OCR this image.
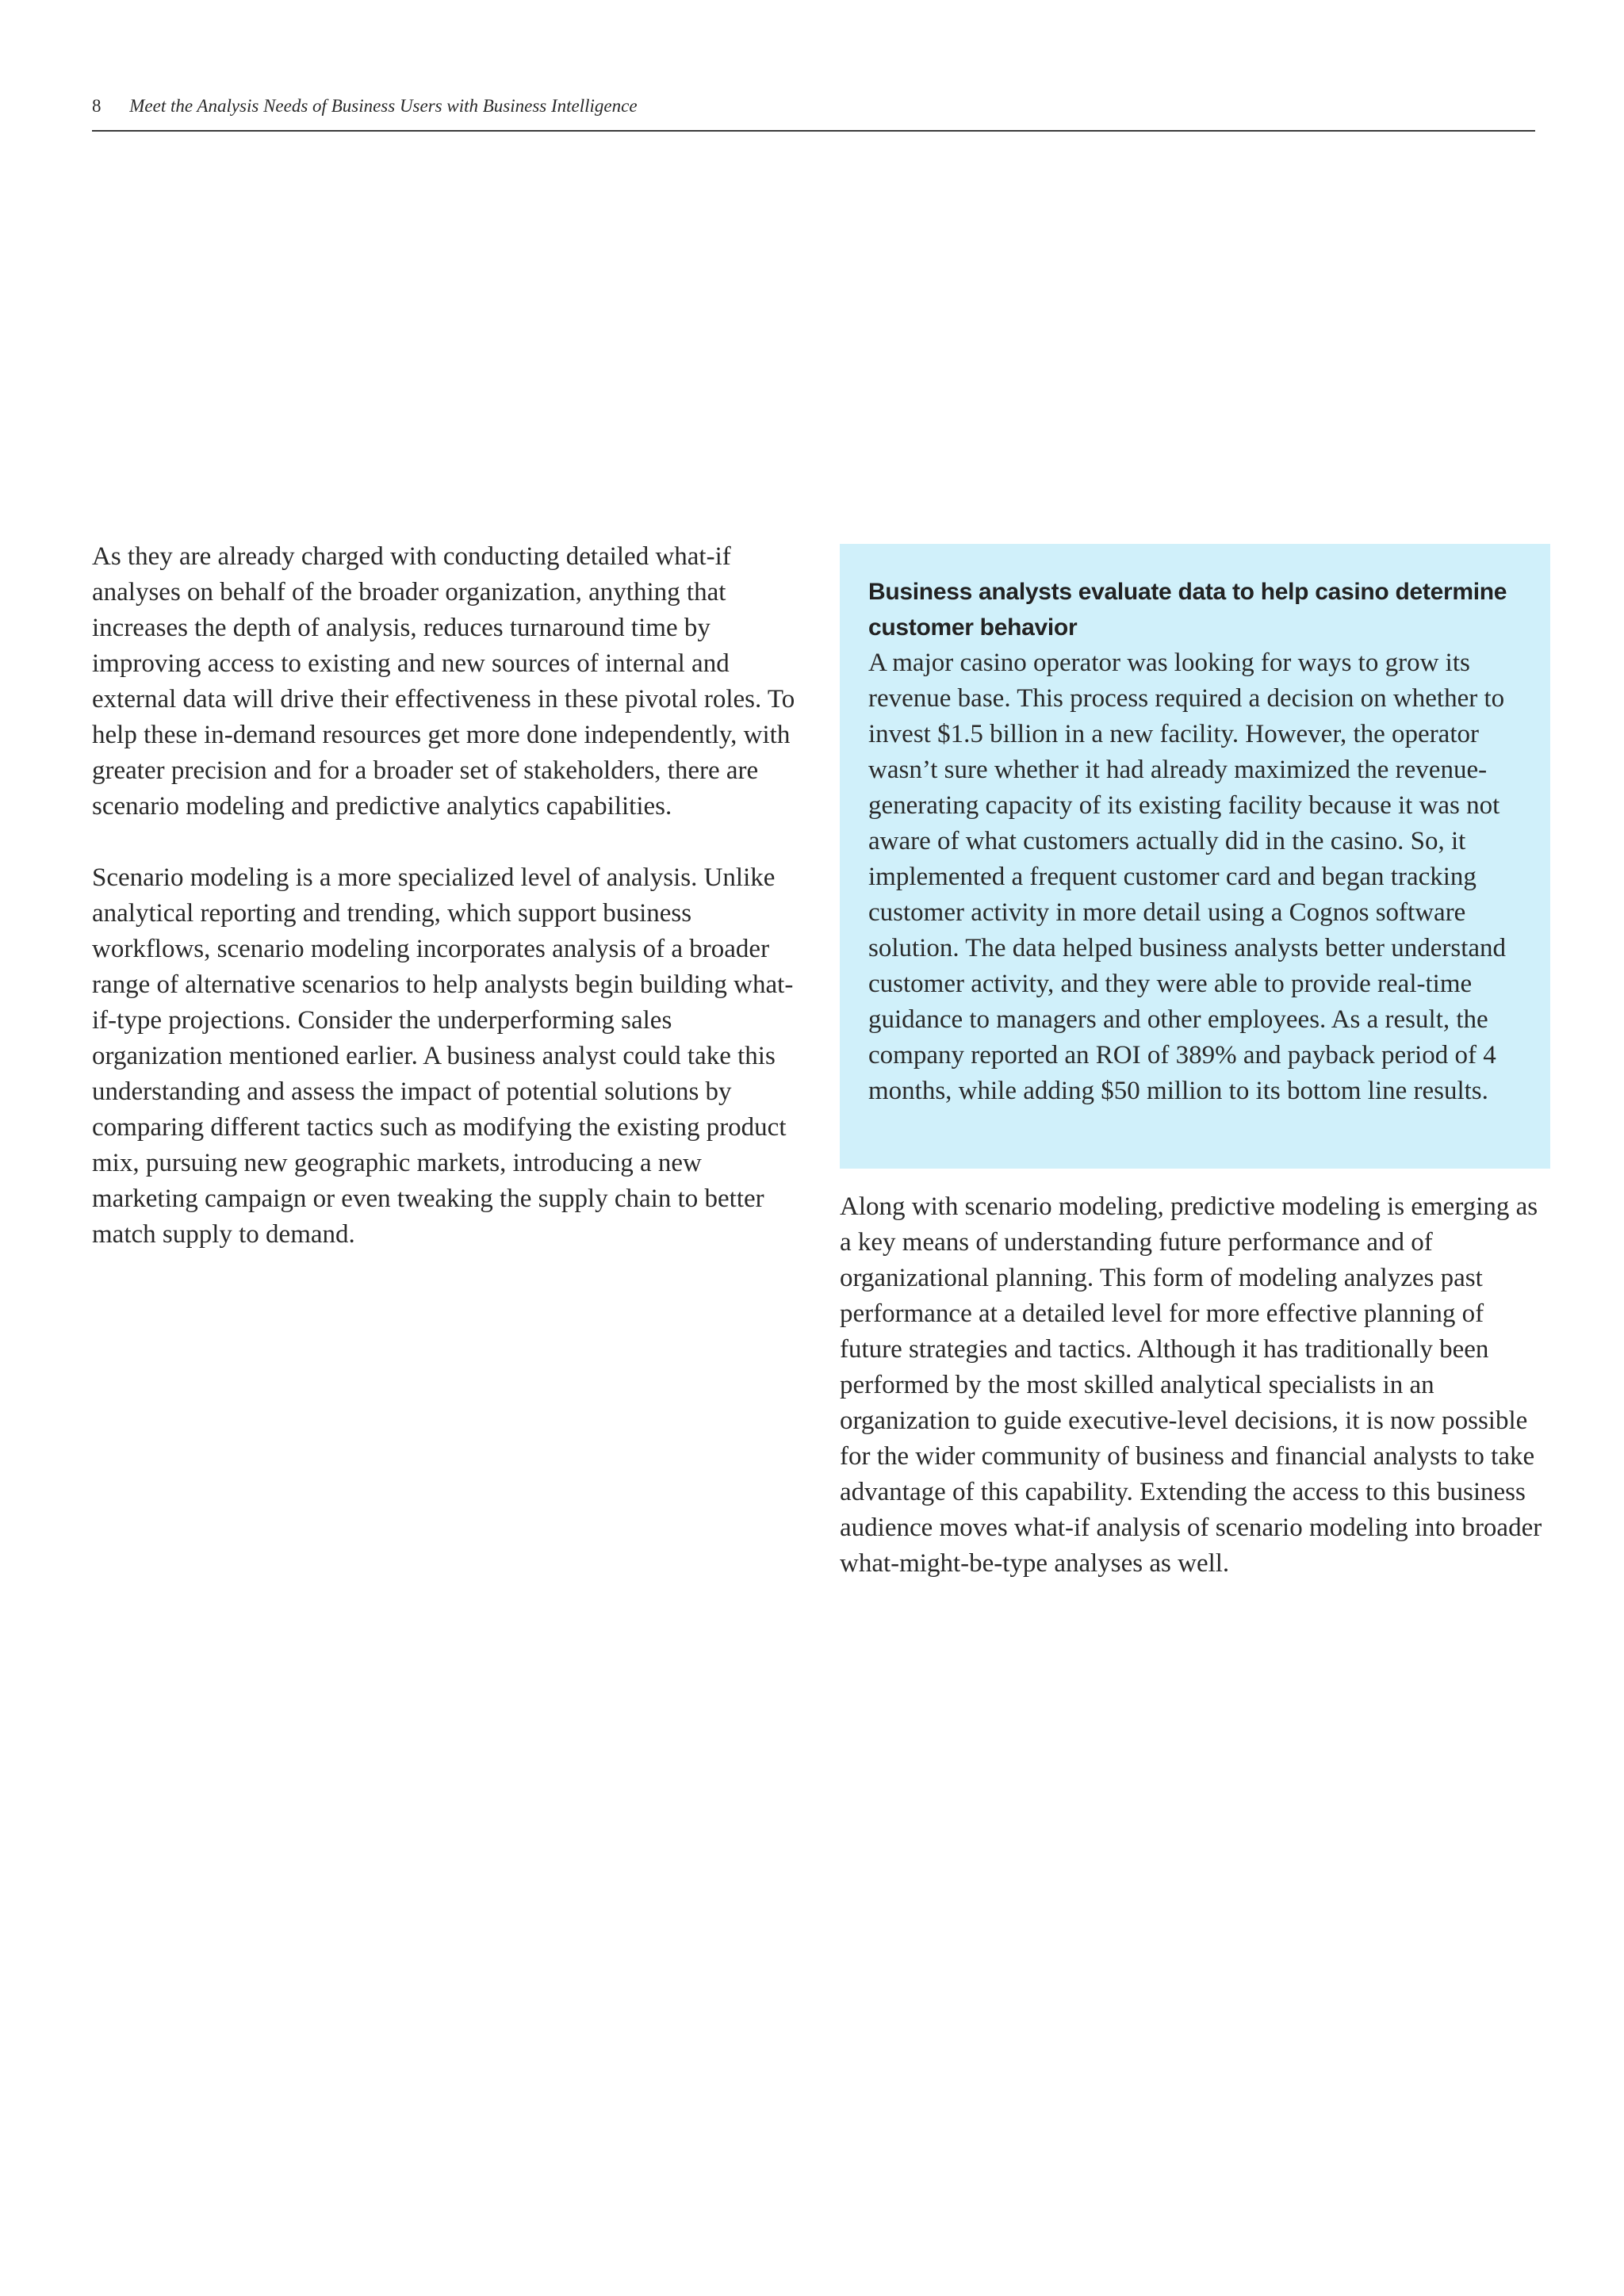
8 Meet the Analysis Needs of Business Users with Business Intelligence

As they are already charged with conducting detailed what-if analyses on behalf of the broader organization, anything that increases the depth of analysis, reduces turnaround time by improving access to existing and new sources of internal and external data will drive their effectiveness in these pivotal roles. To help these in-demand resources get more done independently, with greater precision and for a broader set of stakeholders, there are scenario modeling and predictive analytics capabilities.

Scenario modeling is a more specialized level of analysis. Unlike analytical reporting and trending, which support business workflows, scenario modeling incorporates analysis of a broader range of alternative scenarios to help analysts begin building what-if-type projections. Consider the underperforming sales organization mentioned earlier. A business analyst could take this understanding and assess the impact of potential solutions by comparing different tactics such as modifying the existing product mix, pursuing new geographic markets, introducing a new marketing campaign or even tweaking the supply chain to better match supply to demand.

Business analysts evaluate data to help casino determine customer behavior

A major casino operator was looking for ways to grow its revenue base. This process required a decision on whether to invest $1.5 billion in a new facility. However, the operator wasn’t sure whether it had already maximized the revenue-generating capacity of its existing facility because it was not aware of what customers actually did in the casino. So, it implemented a frequent customer card and began tracking customer activity in more detail using a Cognos software solution. The data helped business analysts better understand customer activity, and they were able to provide real-time guidance to managers and other employees. As a result, the company reported an ROI of 389% and payback period of 4 months, while adding $50 million to its bottom line results.

Along with scenario modeling, predictive modeling is emerging as a key means of understanding future performance and of organizational planning. This form of modeling analyzes past performance at a detailed level for more effective planning of future strategies and tactics. Although it has traditionally been performed by the most skilled analytical specialists in an organization to guide executive-level decisions, it is now possible for the wider community of business and financial analysts to take advantage of this capability. Extending the access to this business audience moves what-if analysis of scenario modeling into broader what-might-be-type analyses as well.
